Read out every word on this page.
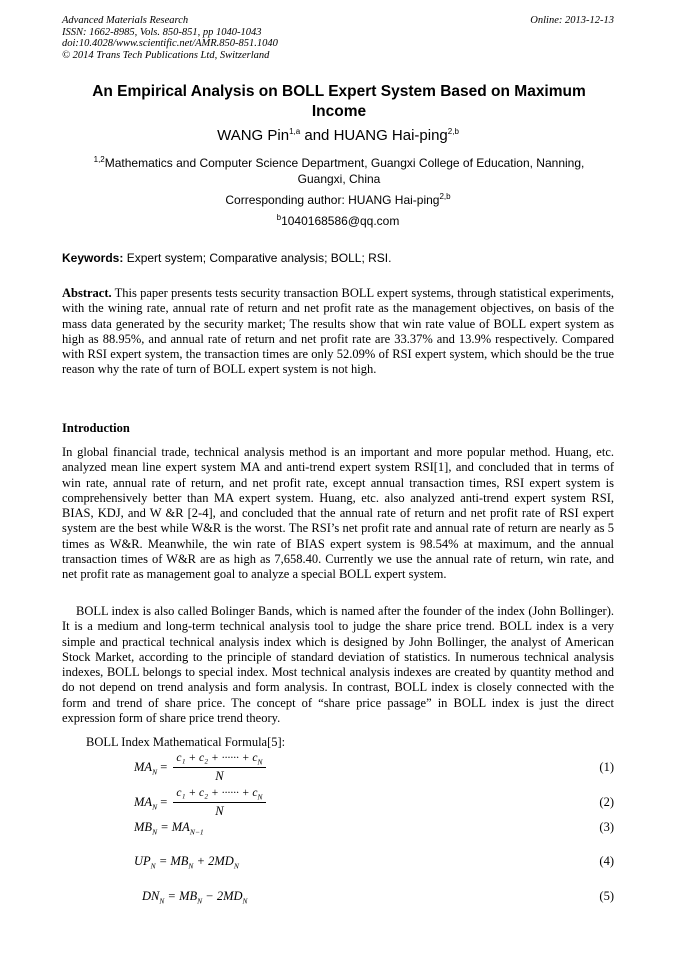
Advanced Materials Research
ISSN: 1662-8985, Vols. 850-851, pp 1040-1043
doi:10.4028/www.scientific.net/AMR.850-851.1040
© 2014 Trans Tech Publications Ltd, Switzerland
Online: 2013-12-13
An Empirical Analysis on BOLL Expert System Based on Maximum Income
WANG Pin$^{1,a}$ and HUANG Hai-ping$^{2,b}$
$^{1,2}$Mathematics and Computer Science Department, Guangxi College of Education, Nanning, Guangxi, China
Corresponding author: HUANG Hai-ping$^{2,b}$
$^b$1040168586@qq.com
Keywords: Expert system; Comparative analysis; BOLL; RSI.
Abstract. This paper presents tests security transaction BOLL expert systems, through statistical experiments, with the wining rate, annual rate of return and net profit rate as the management objectives, on basis of the mass data generated by the security market; The results show that win rate value of BOLL expert system as high as 88.95%, and annual rate of return and net profit rate are 33.37% and 13.9% respectively. Compared with RSI expert system, the transaction times are only 52.09% of RSI expert system, which should be the true reason why the rate of turn of BOLL expert system is not high.
Introduction
In global financial trade, technical analysis method is an important and more popular method. Huang, etc. analyzed mean line expert system MA and anti-trend expert system RSI[1], and concluded that in terms of win rate, annual rate of return, and net profit rate, except annual transaction times, RSI expert system is comprehensively better than MA expert system. Huang, etc. also analyzed anti-trend expert system RSI, BIAS, KDJ, and W &R [2-4], and concluded that the annual rate of return and net profit rate of RSI expert system are the best while W&R is the worst. The RSI’s net profit rate and annual rate of return are nearly as 5 times as W&R. Meanwhile, the win rate of BIAS expert system is 98.54% at maximum, and the annual transaction times of W&R are as high as 7,658.40. Currently we use the annual rate of return, win rate, and net profit rate as management goal to analyze a special BOLL expert system.
BOLL index is also called Bolinger Bands, which is named after the founder of the index (John Bollinger). It is a medium and long-term technical analysis tool to judge the share price trend. BOLL index is a very simple and practical technical analysis index which is designed by John Bollinger, the analyst of American Stock Market, according to the principle of standard deviation of statistics. In numerous technical analysis indexes, BOLL belongs to special index. Most technical analysis indexes are created by quantity method and do not depend on trend analysis and form analysis. In contrast, BOLL index is closely connected with the form and trend of share price. The concept of “share price passage” in BOLL index is just the direct expression form of share price trend theory.
BOLL Index Mathematical Formula[5]:
$MA_N = \frac{c_1 + c_2 + \cdot\cdot\cdot\cdot\cdot\cdot + c_N}{N}$	(1)
$MA_N = \frac{c_1 + c_2 + \cdot\cdot\cdot\cdot\cdot\cdot + c_N}{N}$	(2)
$MB_N = MA_{N-1}$	(3)
$UP_N = MB_N + 2MD_N$	(4)
$DN_N = MB_N - 2MD_N$	(5)
